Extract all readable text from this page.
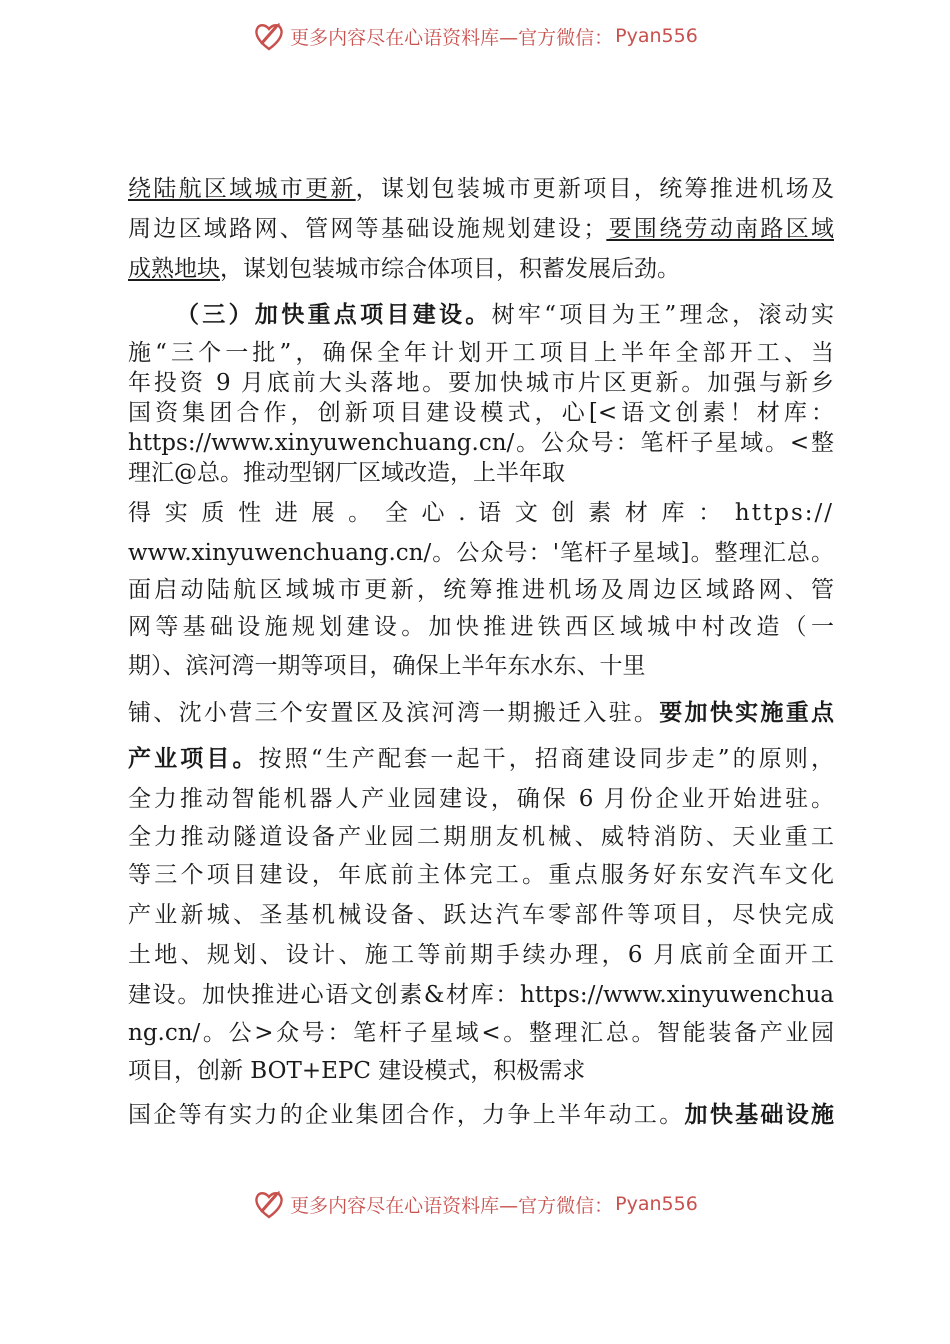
更多内容尽在心语资料库—官方微信： Pyan556
绕陆航区域城市更新，谋划包装城市更新项目，统筹推进机场及
周边区域路网、管网等基础设施规划建设；要围绕劳动南路区域
成熟地块，谋划包装城市综合体项目，积蓄发展后劲。
（三）加快重点项目建设。树牢“项目为王”理念，滚动实
施“三个一批”，确保全年计划开工项目上半年全部开工、当
年投资 9 月底前大头落地。要加快城市片区更新。加强与新乡
国资集团合作，创新项目建设模式，心[<语文创素！材库：
https://www.xinyuwenchuang.cn/。公众号：笔杆子星域。<整
理汇@总。推动型钢厂区域改造，上半年取
得 实 质 性 进 展 。 全 心 . 语 文 创 素 材 库 ： https://
www.xinyuwenchuang.cn/。公众号：'笔杆子星域]。整理汇总。
面启动陆航区域城市更新，统筹推进机场及周边区域路网、管
网等基础设施规划建设。加快推进铁西区域城中村改造（一
期）、滨河湾一期等项目，确保上半年东水东、十里
铺、沈小营三个安置区及滨河湾一期搬迁入驻。要加快实施重点
产业项目。按照“生产配套一起干，招商建设同步走”的原则，
全力推动智能机器人产业园建设，确保 6 月份企业开始进驻。
全力推动隧道设备产业园二期朋友机械、威特消防、天业重工
等三个项目建设，年底前主体完工。重点服务好东安汽车文化
产业新城、圣基机械设备、跃达汽车零部件等项目，尽快完成
土地、规划、设计、施工等前期手续办理，6 月底前全面开工
建设。加快推进心语文创素&材库：https://www.xinyuwenchua
ng.cn/。公>众号：笔杆子星域<。整理汇总。智能装备产业园
项目，创新 BOT+EPC 建设模式，积极需求
国企等有实力的企业集团合作，力争上半年动工。加快基础设施
更多内容尽在心语资料库—官方微信： Pyan556
